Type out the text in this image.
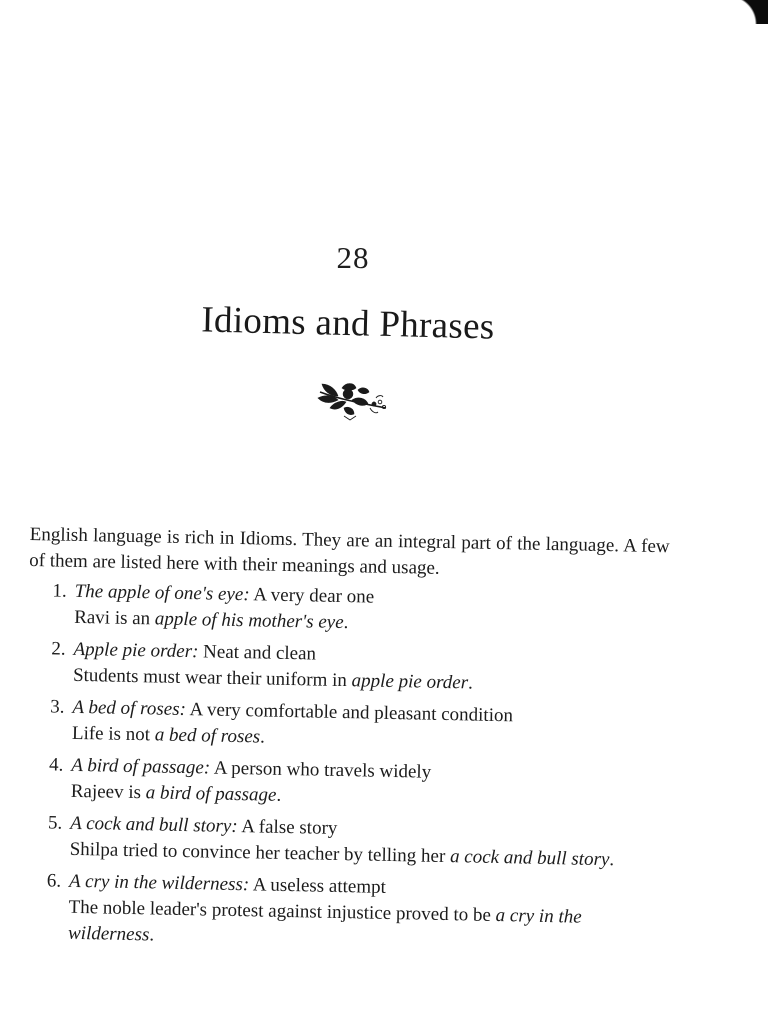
28
Idioms and Phrases

English language is rich in Idioms. They are an integral part of the language. A few of them are listed here with their meanings and usage.

1. The apple of one's eye: A very dear one
Ravi is an apple of his mother's eye.
2. Apple pie order: Neat and clean
Students must wear their uniform in apple pie order.
3. A bed of roses: A very comfortable and pleasant condition
Life is not a bed of roses.
4. A bird of passage: A person who travels widely
Rajeev is a bird of passage.
5. A cock and bull story: A false story
Shilpa tried to convince her teacher by telling her a cock and bull story.
6. A cry in the wilderness: A useless attempt
The noble leader's protest against injustice proved to be a cry in the wilderness.
